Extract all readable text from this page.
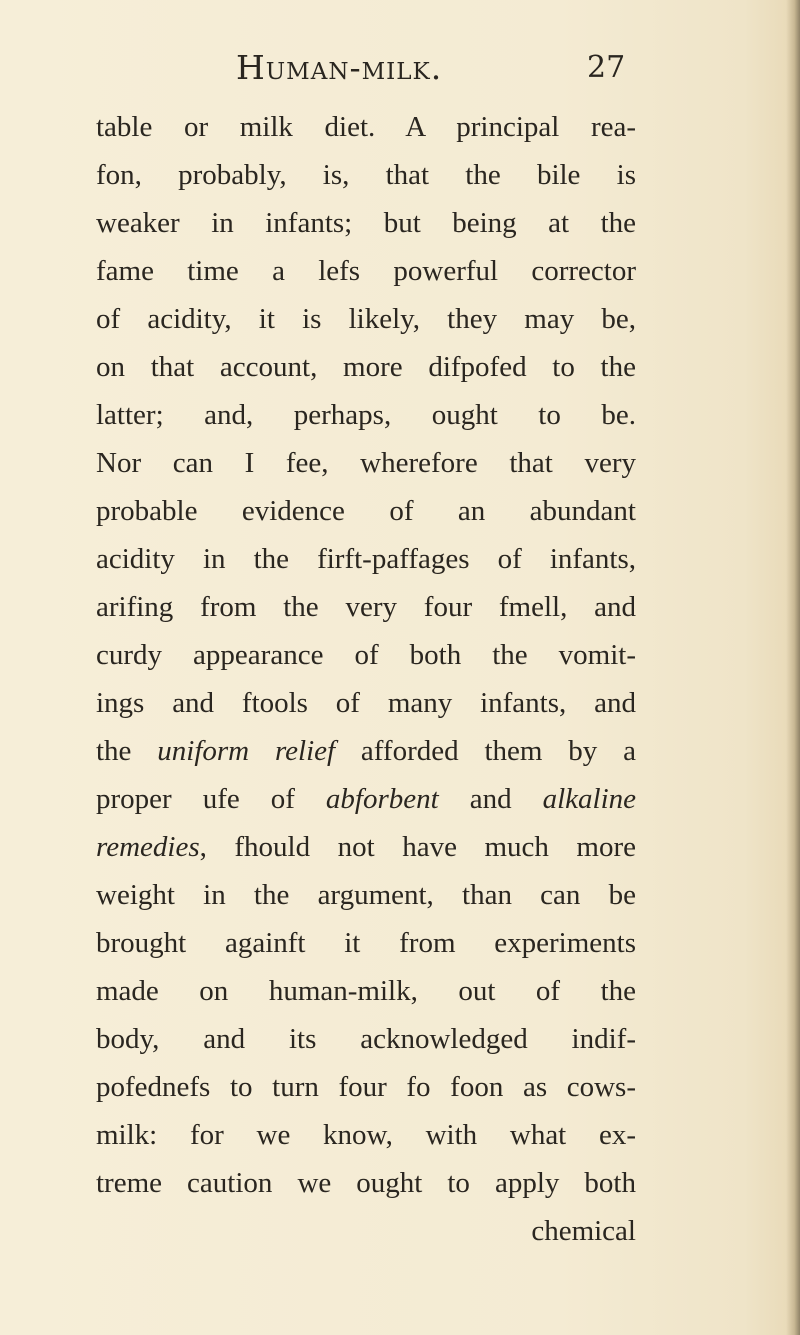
Human-milk.	27
table or milk diet. A principal rea-
fon, probably, is, that the bile is
weaker in infants; but being at the
fame time a lefs powerful corrector
of acidity, it is likely, they may be,
on that account, more difpofed to the
latter; and, perhaps, ought to be.
Nor can I fee, wherefore that very
probable evidence of an abundant
acidity in the firft-paffages of infants,
arifing from the very four fmell, and
curdy appearance of both the vomit-
ings and ftools of many infants, and
the uniform relief afforded them by a
proper ufe of abforbent and alkaline
remedies, fhould not have much more
weight in the argument, than can be
brought againft it from experiments
made on human-milk, out of the
body, and its acknowledged indif-
pofednefs to turn four fo foon as cows-
milk: for we know, with what ex-
treme caution we ought to apply both
chemical
